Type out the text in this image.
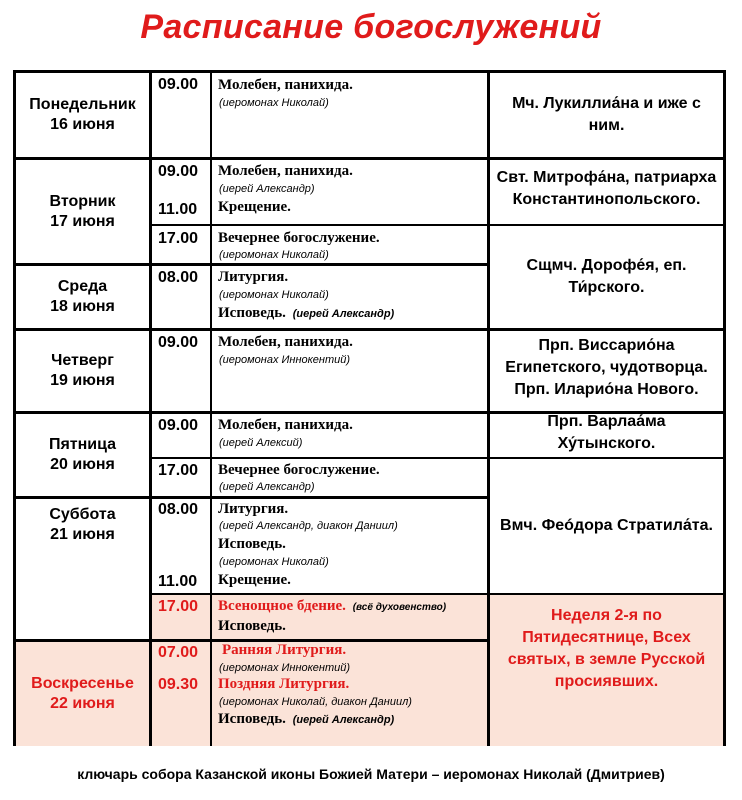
Расписание богослужений
Понедельник
16 июня
Вторник
17 июня
Среда
18 июня
Четверг
19 июня
Пятница
20 июня
Суббота
21 июня
Воскресенье
22 июня
09.00
09.00
11.00
17.00
08.00
09.00
09.00
17.00
08.00
11.00
17.00
07.00
09.30
Молебен, панихида.
(иеромонах Николай)
Молебен, панихида.
(иерей Александр)
Крещение.
Вечернее богослужение.
(иеромонах Николай)
Литургия.
(иеромонах Николай)
Исповедь. (иерей Александр)
Молебен, панихида.
(иеромонах Иннокентий)
Молебен, панихида.
(иерей Алексий)
Вечернее богослужение.
(иерей Александр)
Литургия.
(иерей Александр, диакон Даниил)
Исповедь.
(иеромонах Николай)
Крещение.
Всенощное бдение. (всё духовенство)
Исповедь.
Ранняя Литургия.
(иеромонах Иннокентий)
Поздняя Литургия.
(иеромонах Николай, диакон Даниил)
Исповедь. (иерей Александр)
Мч. Лукиллиа́на и иже с ним.
Свт. Митрофа́на, патриарха Константинопольского.
Сщмч. Дорофе́я, еп. Ти́рского.
Прп. Виссарио́на Египетского, чудотворца. Прп. Иларио́на Нового.
Прп. Варлаа́ма Ху́тынского.
Вмч. Феóдора Стратила́та.
Неделя 2-я по Пятидесятнице, Всех святых, в земле Русской просиявших.
ключарь собора Казанской иконы Божией Матери – иеромонах Николай (Дмитриев)
